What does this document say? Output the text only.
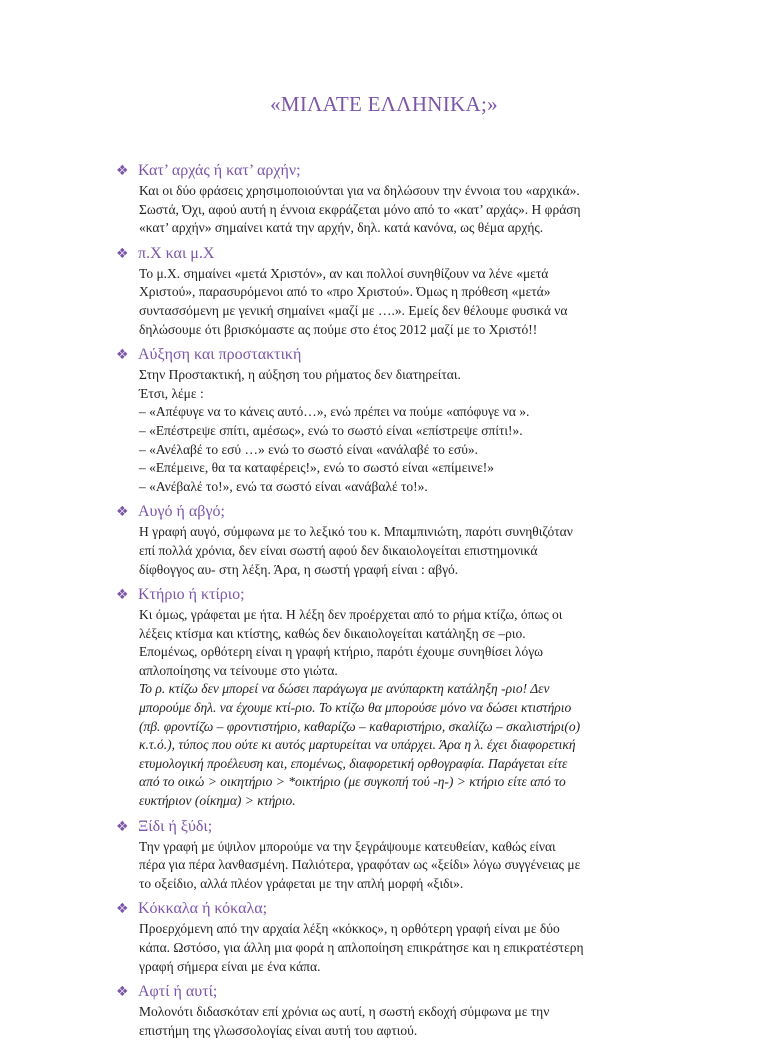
«ΜΙΛΑΤΕ ΕΛΛΗΝΙΚΑ;»
❖ Κατ’ αρχάς ή κατ’ αρχήν;
Και οι δύο φράσεις χρησιμοποιούνται για να δηλώσουν την έννοια του «αρχικά».
Σωστά, Όχι, αφού αυτή η έννοια εκφράζεται μόνο από το «κατ’ αρχάς». Η φράση
«κατ’ αρχήν» σημαίνει κατά την αρχήν, δηλ. κατά κανόνα, ως θέμα αρχής.
❖ π.Χ και μ.Χ
Το μ.Χ. σημαίνει «μετά Χριστόν», αν και πολλοί συνηθίζουν να λένε «μετά
Χριστού», παρασυρόμενοι από το «προ Χριστού». Όμως η πρόθεση «μετά»
συντασσόμενη με γενική σημαίνει «μαζί με ….». Εμείς δεν θέλουμε φυσικά να
δηλώσουμε ότι βρισκόμαστε ας πούμε στο έτος 2012 μαζί με το Χριστό!!
❖ Αύξηση και προστακτική
Στην Προστακτική, η αύξηση του ρήματος δεν διατηρείται.
Έτσι, λέμε :
– «Απέφυγε να το κάνεις αυτό…», ενώ πρέπει να πούμε «απόφυγε να ».
– «Επέστρεψε σπίτι, αμέσως», ενώ το σωστό είναι «επίστρεψε σπίτι!».
– «Ανέλαβέ το εσύ …» ενώ το σωστό είναι «ανάλαβέ το εσύ».
– «Επέμεινε, θα τα καταφέρεις!», ενώ το σωστό είναι «επίμεινε!»
– «Ανέβαλέ το!», ενώ τα σωστό είναι «ανάβαλέ το!».
❖ Αυγό ή αβγό;
Η γραφή αυγό, σύμφωνα με το λεξικό του κ. Μπαμπινιώτη, παρότι συνηθιζόταν
επί πολλά χρόνια, δεν είναι σωστή αφού δεν δικαιολογείται επιστημονικά
δίφθογγος αυ- στη λέξη. Άρα, η σωστή γραφή είναι : αβγό.
❖ Κτήριο ή κτίριο;
Κι όμως, γράφεται με ήτα. Η λέξη δεν προέρχεται από το ρήμα κτίζω, όπως οι
λέξεις κτίσμα και κτίστης, καθώς δεν δικαιολογείται κατάληξη σε –ριο.
Επομένως, ορθότερη είναι η γραφή κτήριο, παρότι έχουμε συνηθίσει λόγω
απλοποίησης να τείνουμε στο γιώτα.
Το ρ. κτίζω δεν μπορεί να δώσει παράγωγα με ανύπαρκτη κατάληξη -ριο! Δεν
μπορούμε δηλ. να έχουμε κτί-ριο. Το κτίζω θα μπορούσε μόνο να δώσει κτιστήριο
(πβ. φροντίζω – φροντιστήριο, καθαρίζω – καθαριστήριο, σκαλίζω – σκαλιστήρι(ο)
κ.τ.ό.), τύπος που ούτε κι αυτός μαρτυρείται να υπάρχει. Άρα η λ. έχει διαφορετική
ετυμολογική προέλευση και, επομένως, διαφορετική ορθογραφία. Παράγεται είτε
από το οικώ > οικητήριο > *οικτήριο (με συγκοπή τού -η-) > κτήριο είτε από το
ευκτήριον (οίκημα) > κτήριο.
❖ Ξίδι ή ξύδι;
Την γραφή με ύψιλον μπορούμε να την ξεγράψουμε κατευθείαν, καθώς είναι
πέρα για πέρα λανθασμένη. Παλιότερα, γραφόταν ως «ξείδι» λόγω συγγένειας με
το οξείδιο, αλλά πλέον γράφεται με την απλή μορφή «ξιδι».
❖ Κόκκαλα ή κόκαλα;
Προερχόμενη από την αρχαία λέξη «κόκκος», η ορθότερη γραφή είναι με δύο
κάπα. Ωστόσο, για άλλη μια φορά η απλοποίηση επικράτησε και η επικρατέστερη
γραφή σήμερα είναι με ένα κάπα.
❖ Αφτί ή αυτί;
Μολονότι διδασκόταν επί χρόνια ως αυτί, η σωστή εκδοχή σύμφωνα με την
επιστήμη της γλωσσολογίας είναι αυτή του αφτιού.
